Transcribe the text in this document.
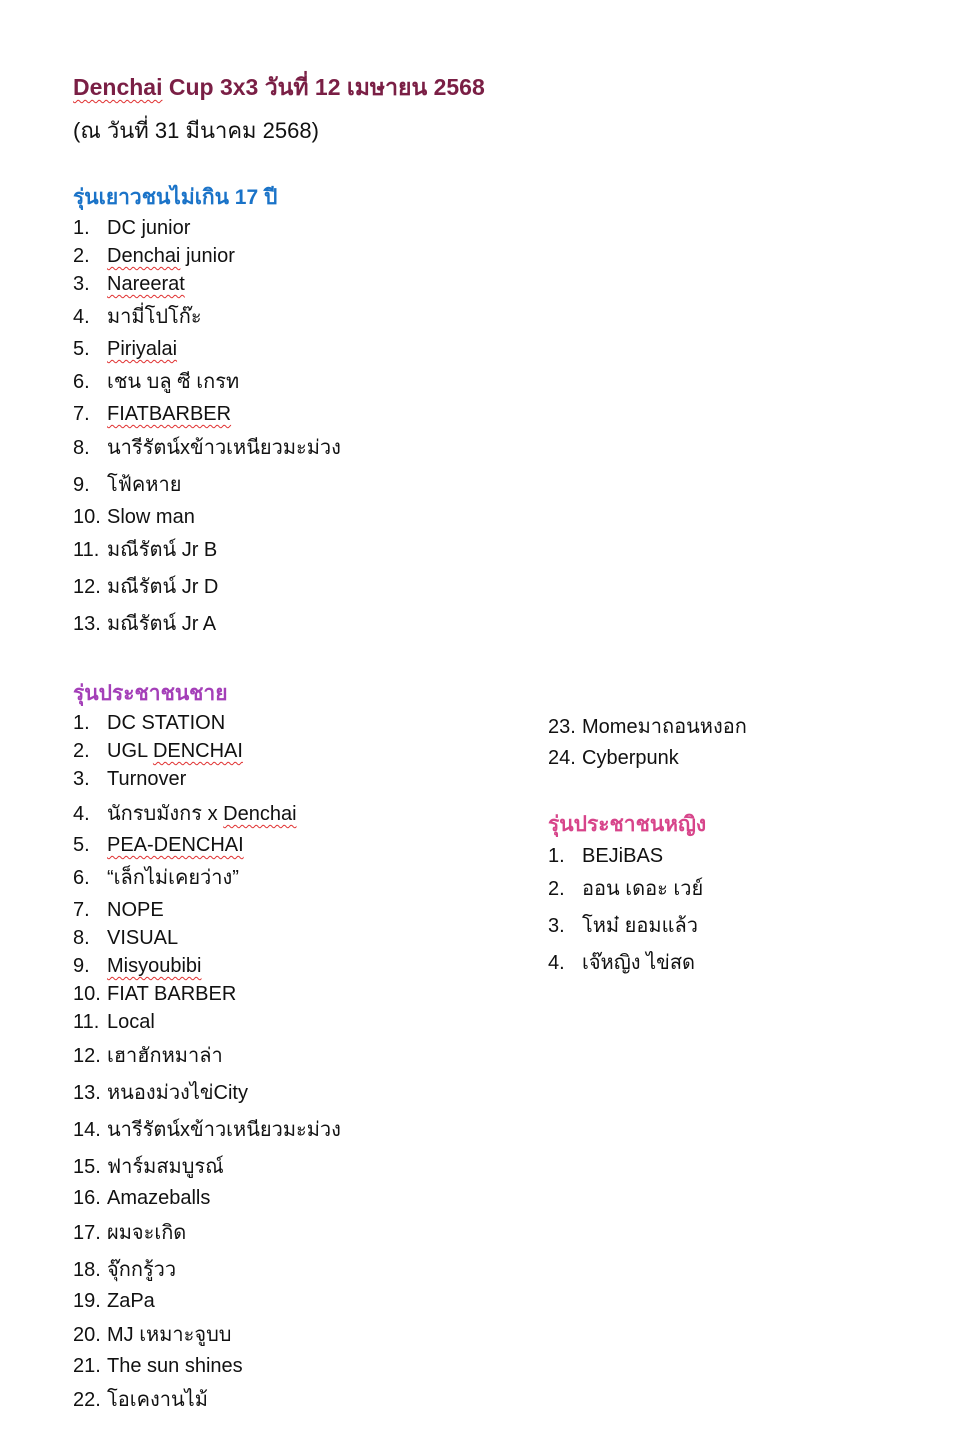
Denchai Cup 3x3 วันที่ 12 เมษายน 2568
(ณ วันที่ 31 มีนาคม 2568)
รุ่นเยาวชนไม่เกิน 17 ปี
1. DC junior
2. Denchai junior
3. Nareerat
4. มามี่โปโก๊ะ
5. Piriyalai
6. เชน บลู ซี เกรท
7. FIATBARBER
8. นารีรัตน์xข้าวเหนียวมะม่วง
9. โฟ้คหาย
10. Slow man
11. มณีรัตน์ Jr B
12. มณีรัตน์ Jr D
13. มณีรัตน์ Jr A
รุ่นประชาชนชาย
1. DC STATION
2. UGL DENCHAI
3. Turnover
4. นักรบมังกร x Denchai
5. PEA-DENCHAI
6. “เล็กไม่เคยว่าง”
7. NOPE
8. VISUAL
9. Misyoubibi
10. FIAT BARBER
11. Local
12. เฮาฮักหมาล่า
13. หนองม่วงไข่City
14. นารีรัตน์xข้าวเหนียวมะม่วง
15. ฟาร์มสมบูรณ์
16. Amazeballs
17. ผมจะเกิด
18. จุ๊กกรู้วว
19. ZaPa
20. MJ เหมาะจูบบ
21. The sun shines
22. โอเคงานไม้
23. Momeมาถอนหงอก
24. Cyberpunk
รุ่นประชาชนหญิง
1. BEJiBAS
2. ออน เดอะ เวย์
3. โหม๋ ยอมแล้ว
4. เจ๊หญิง ไข่สด
